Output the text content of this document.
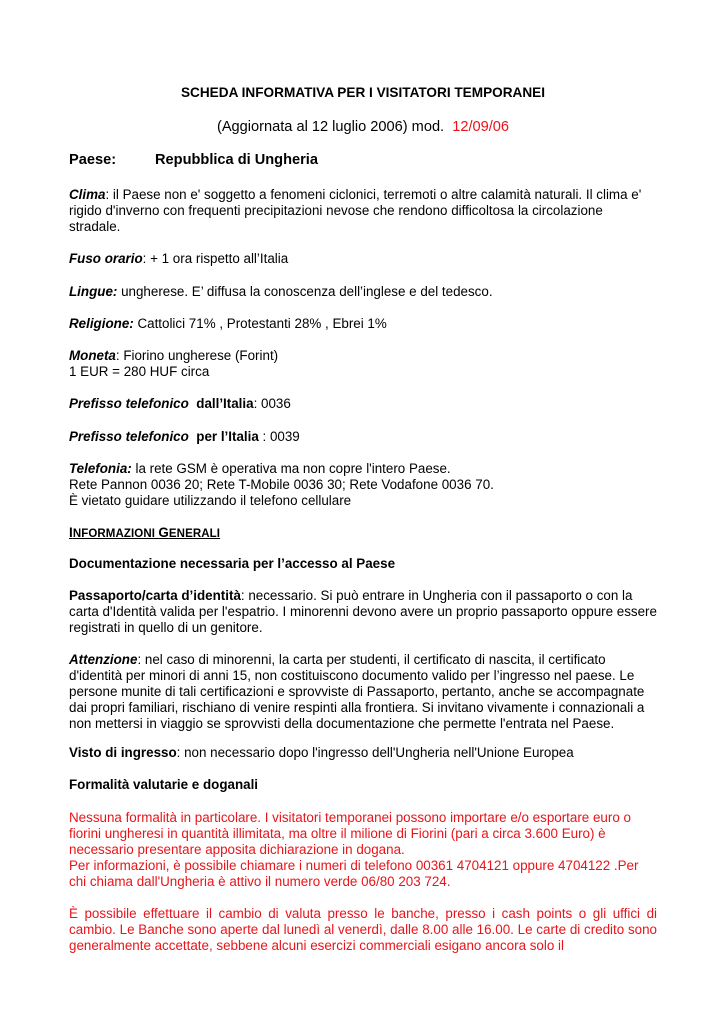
SCHEDA INFORMATIVA PER I VISITATORI TEMPORANEI
(Aggiornata al 12 luglio 2006) mod. 12/09/06
Paese:	Repubblica di Ungheria

Clima: il Paese non e' soggetto a fenomeni ciclonici, terremoti o altre calamità naturali. Il clima e' rigido d'inverno con frequenti precipitazioni nevose che rendono difficoltosa la circolazione stradale.

Fuso orario: + 1 ora rispetto all’Italia

Lingue: ungherese. E’ diffusa la conoscenza dell’inglese e del tedesco.

Religione: Cattolici 71% , Protestanti 28% , Ebrei 1%

Moneta: Fiorino ungherese (Forint)
1 EUR = 280 HUF circa

Prefisso telefonico dall’Italia: 0036

Prefisso telefonico per l’Italia : 0039

Telefonia: la rete GSM è operativa ma non copre l'intero Paese.
Rete Pannon 0036 20; Rete T-Mobile 0036 30; Rete Vodafone 0036 70.
È vietato guidare utilizzando il telefono cellulare

INFORMAZIONI GENERALI

Documentazione necessaria per l’accesso al Paese

Passaporto/carta d’identità: necessario. Si può entrare in Ungheria con il passaporto o con la carta d'Identità valida per l'espatrio. I minorenni devono avere un proprio passaporto oppure essere registrati in quello di un genitore.

Attenzione: nel caso di minorenni, la carta per studenti, il certificato di nascita, il certificato d'identità per minori di anni 15, non costituiscono documento valido per l’ingresso nel paese. Le persone munite di tali certificazioni e sprovviste di Passaporto, pertanto, anche se accompagnate dai propri familiari, rischiano di venire respinti alla frontiera. Si invitano vivamente i connazionali a non mettersi in viaggio se sprovvisti della documentazione che permette l'entrata nel Paese.

Visto di ingresso: non necessario dopo l'ingresso dell'Ungheria nell'Unione Europea

Formalità valutarie e doganali

Nessuna formalità in particolare. I visitatori temporanei possono importare e/o esportare euro o fiorini ungheresi in quantità illimitata, ma oltre il milione di Fiorini (pari a circa 3.600 Euro) è necessario presentare apposita dichiarazione in dogana.
Per informazioni, è possibile chiamare i numeri di telefono 00361 4704121 oppure 4704122 .Per chi chiama dall'Ungheria è attivo il numero verde 06/80 203 724.

È possibile effettuare il cambio di valuta presso le banche, presso i cash points o gli uffici di cambio. Le Banche sono aperte dal lunedì al venerdì, dalle 8.00 alle 16.00. Le carte di credito sono generalmente accettate, sebbene alcuni esercizi commerciali esigano ancora solo il
